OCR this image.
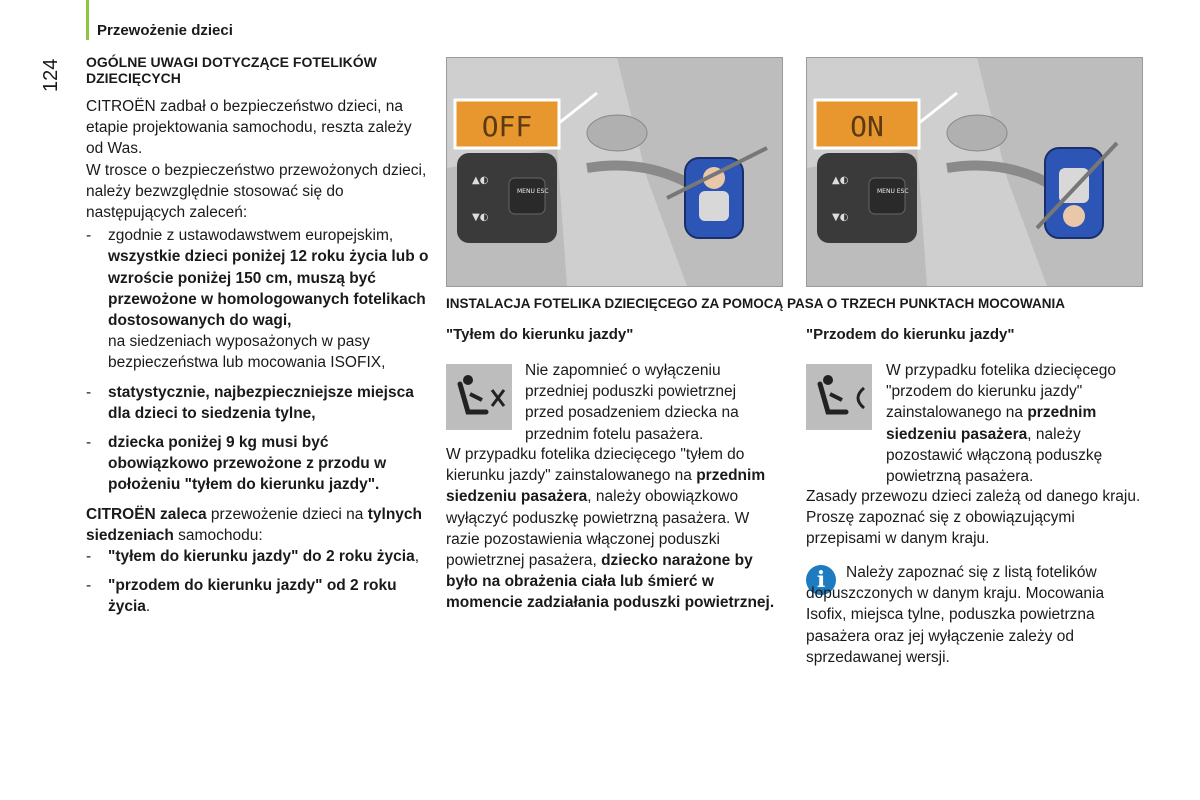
Przewożenie dzieci
124 OGÓLNE UWAGI DOTYCZĄCE FOTELIKÓW DZIECIĘCYCH

CITROËN zadbał o bezpieczeństwo dzieci, na etapie projektowania samochodu, reszta zależy od Was.

W trosce o bezpieczeństwo przewożonych dzieci, należy bezwzględnie stosować się do następujących zaleceń:

- zgodnie z ustawodawstwem europejskim,
wszystkie dzieci poniżej 12 roku życia lub o wzroście poniżej 150 cm, muszą być przewożone w homologowanych fotelikach dostosowanych do wagi,
na siedzeniach wyposażonych w pasy bezpieczeństwa lub mocowania ISOFIX,
- statystycznie, najbezpieczniejsze miejsca dla dzieci to siedzenia tylne,
- dziecka poniżej 9 kg musi być obowiązkowo przewożone z przodu w położeniu "tyłem do kierunku jazdy".

CITROËN zaleca przewożenie dzieci na tylnych siedzeniach samochodu:

- "tyłem do kierunku jazdy" do 2 roku życia,
- "przodem do kierunku jazdy" od 2 roku życia.
▲◐
▼◐
MENU ESC
OFF
▲◐
▼◐
MENU ESC
ON
INSTALACJA FOTELIKA DZIECIĘCEGO ZA POMOCĄ PASA O TRZECH PUNKTACH MOCOWANIA
"Tyłem do kierunku jazdy"
Nie zapomnieć o wyłączeniu przedniej poduszki powietrznej przed posadzeniem dziecka na przednim fotelu pasażera.
W przypadku fotelika dziecięcego "tyłem do kierunku jazdy" zainstalowanego na przednim siedzeniu pasażera, należy obowiązkowo wyłączyć poduszkę powietrzną pasażera. W razie pozostawienia włączonej poduszki powietrznej pasażera, dziecko narażone by było na obrażenia ciała lub śmierć w momencie zadziałania poduszki powietrznej.
"Przodem do kierunku jazdy"
W przypadku fotelika dziecięcego "przodem do kierunku jazdy" zainstalowanego na przednim siedzeniu pasażera, należy pozostawić włączoną poduszkę powietrzną pasażera.
Zasady przewozu dzieci zależą od danego kraju. Proszę zapoznać się z obowiązującymi przepisami w danym kraju.
i	Należy zapoznać się z listą fotelików dopuszczonych w danym kraju. Mocowania Isofix, miejsca tylne, poduszka powietrzna pasażera oraz jej wyłączenie zależy od sprzedawanej wersji.
